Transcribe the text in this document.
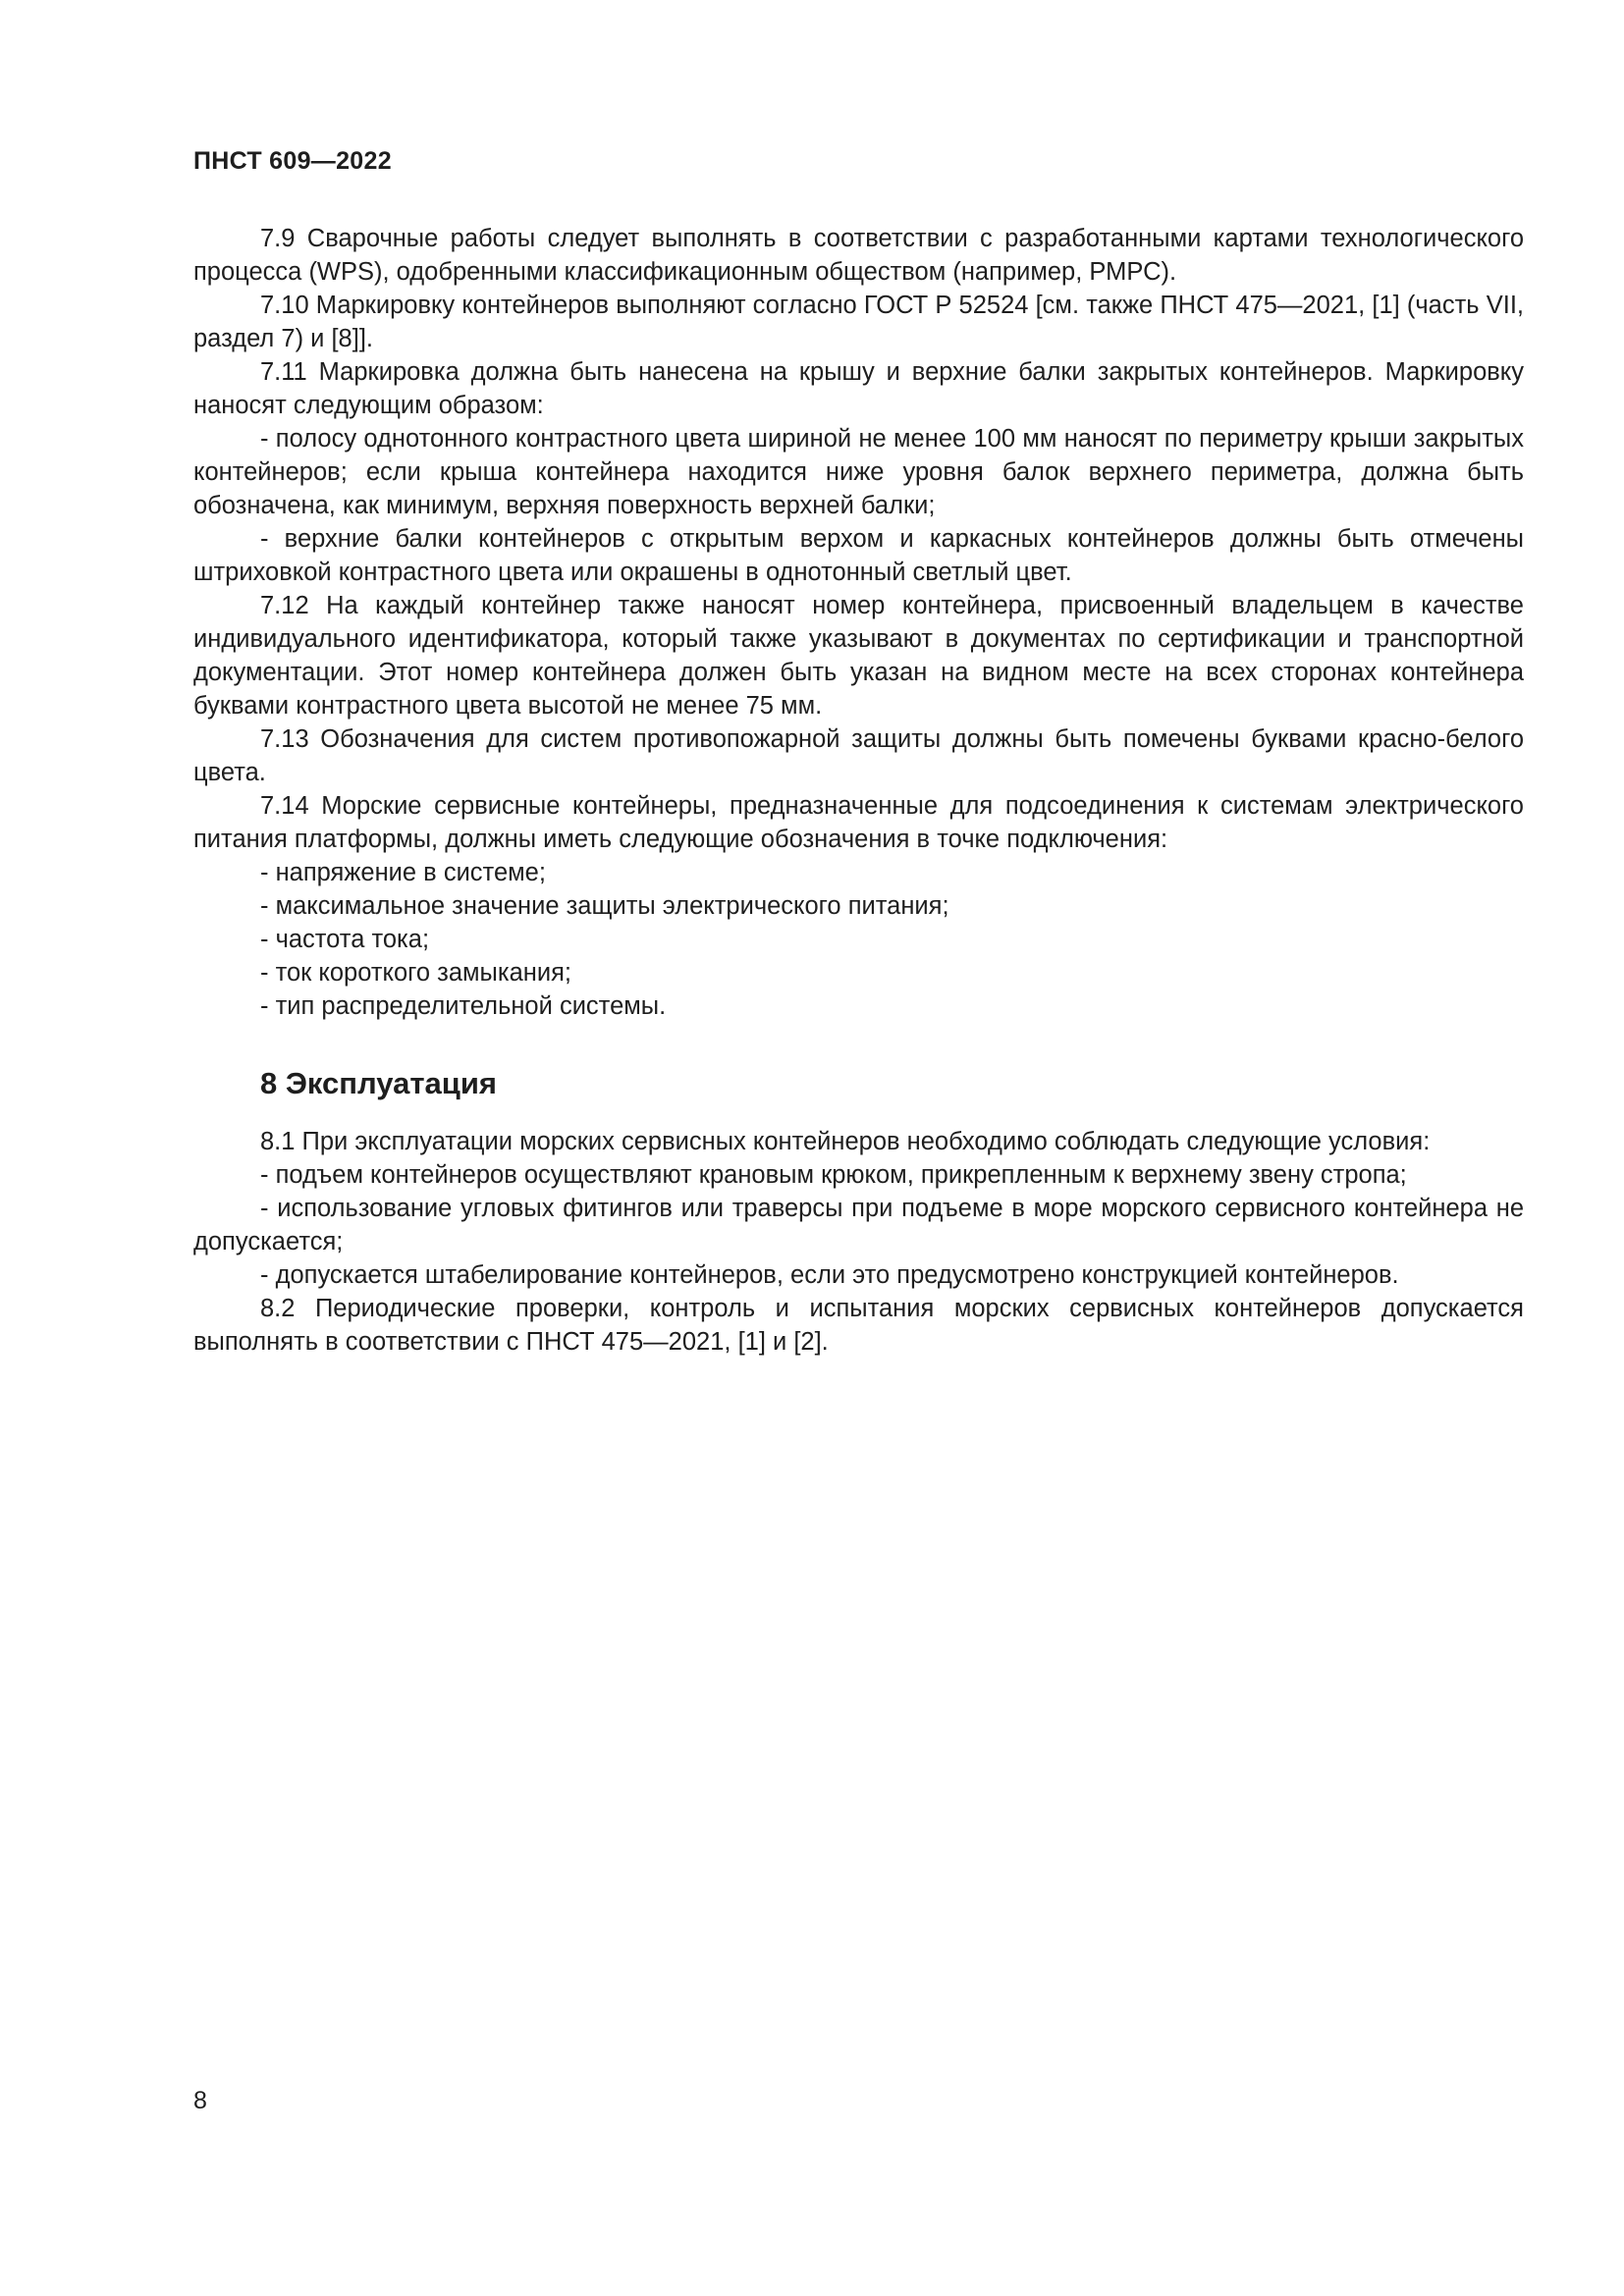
ПНСТ 609—2022

7.9 Сварочные работы следует выполнять в соответствии с разработанными картами технологического процесса (WPS), одобренными классификационным обществом (например, РМРС).

7.10 Маркировку контейнеров выполняют согласно ГОСТ Р 52524 [см. также ПНСТ 475—2021, [1] (часть VII, раздел 7) и [8]].

7.11 Маркировка должна быть нанесена на крышу и верхние балки закрытых контейнеров. Маркировку наносят следующим образом:

- полосу однотонного контрастного цвета шириной не менее 100 мм наносят по периметру крыши закрытых контейнеров; если крыша контейнера находится ниже уровня балок верхнего периметра, должна быть обозначена, как минимум, верхняя поверхность верхней балки;

- верхние балки контейнеров с открытым верхом и каркасных контейнеров должны быть отмечены штриховкой контрастного цвета или окрашены в однотонный светлый цвет.

7.12 На каждый контейнер также наносят номер контейнера, присвоенный владельцем в качестве индивидуального идентификатора, который также указывают в документах по сертификации и транспортной документации. Этот номер контейнера должен быть указан на видном месте на всех сторонах контейнера буквами контрастного цвета высотой не менее 75 мм.

7.13 Обозначения для систем противопожарной защиты должны быть помечены буквами красно-белого цвета.

7.14 Морские сервисные контейнеры, предназначенные для подсоединения к системам электрического питания платформы, должны иметь следующие обозначения в точке подключения:

- напряжение в системе;

- максимальное значение защиты электрического питания;

- частота тока;

- ток короткого замыкания;

- тип распределительной системы.

8 Эксплуатация

8.1 При эксплуатации морских сервисных контейнеров необходимо соблюдать следующие условия:

- подъем контейнеров осуществляют крановым крюком, прикрепленным к верхнему звену стропа;

- использование угловых фитингов или траверсы при подъеме в море морского сервисного контейнера не допускается;

- допускается штабелирование контейнеров, если это предусмотрено конструкцией контейнеров.

8.2 Периодические проверки, контроль и испытания морских сервисных контейнеров допускается выполнять в соответствии с ПНСТ 475—2021, [1] и [2].

8
